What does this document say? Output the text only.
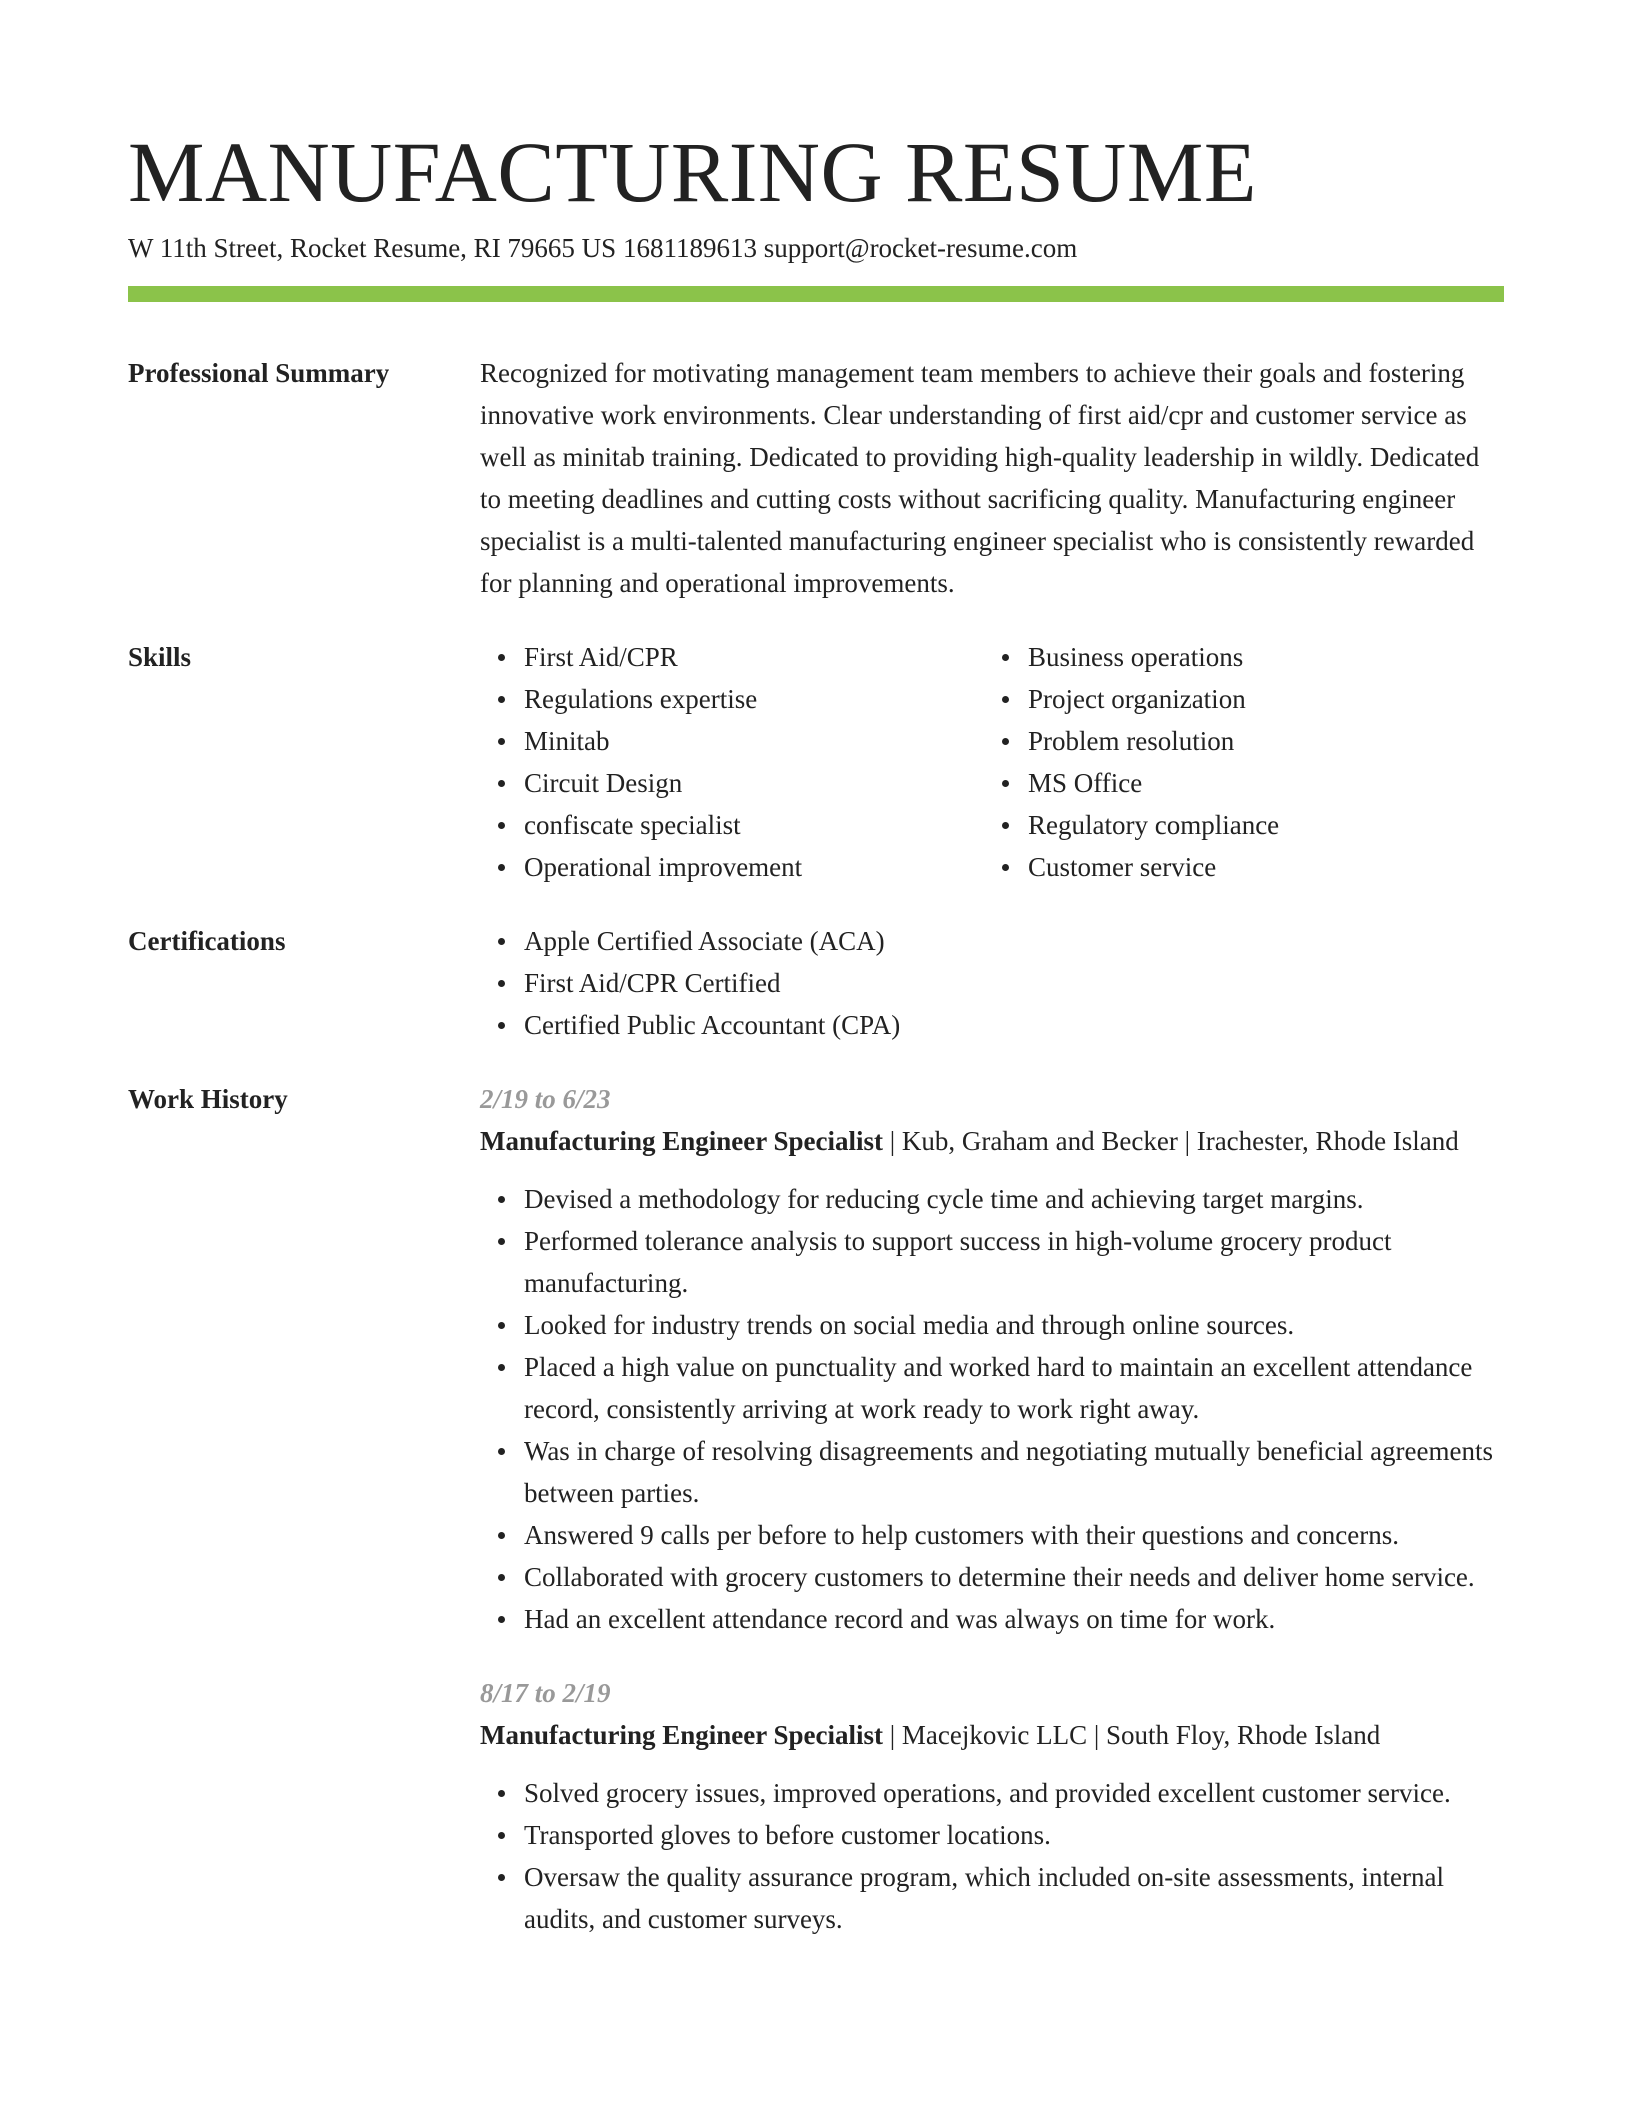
MANUFACTURING RESUME
W 11th Street, Rocket Resume, RI 79665 US 1681189613 support@rocket-resume.com
Professional Summary	Recognized for motivating management team members to achieve their goals and fostering innovative work environments. Clear understanding of first aid/cpr and customer service as well as minitab training. Dedicated to providing high-quality leadership in wildly. Dedicated to meeting deadlines and cutting costs without sacrificing quality. Manufacturing engineer specialist is a multi-talented manufacturing engineer specialist who is consistently rewarded for planning and operational improvements.

Skills	First Aid/CPR
Regulations expertise
Minitab
Circuit Design
confiscate specialist
Operational improvement
Business operations
Project organization
Problem resolution
MS Office
Regulatory compliance
Customer service
Certifications	Apple Certified Associate (ACA)
First Aid/CPR Certified
Certified Public Accountant (CPA)
Work History	2/19 to 6/23
Manufacturing Engineer Specialist | Kub, Graham and Becker | Irachester, Rhode Island
Devised a methodology for reducing cycle time and achieving target margins.
Performed tolerance analysis to support success in high-volume grocery product manufacturing.
Looked for industry trends on social media and through online sources.
Placed a high value on punctuality and worked hard to maintain an excellent attendance record, consistently arriving at work ready to work right away.
Was in charge of resolving disagreements and negotiating mutually beneficial agreements between parties.
Answered 9 calls per before to help customers with their questions and concerns.
Collaborated with grocery customers to determine their needs and deliver home service.
Had an excellent attendance record and was always on time for work.
8/17 to 2/19
Manufacturing Engineer Specialist | Macejkovic LLC | South Floy, Rhode Island
Solved grocery issues, improved operations, and provided excellent customer service.
Transported gloves to before customer locations.
Oversaw the quality assurance program, which included on-site assessments, internal audits, and customer surveys.
